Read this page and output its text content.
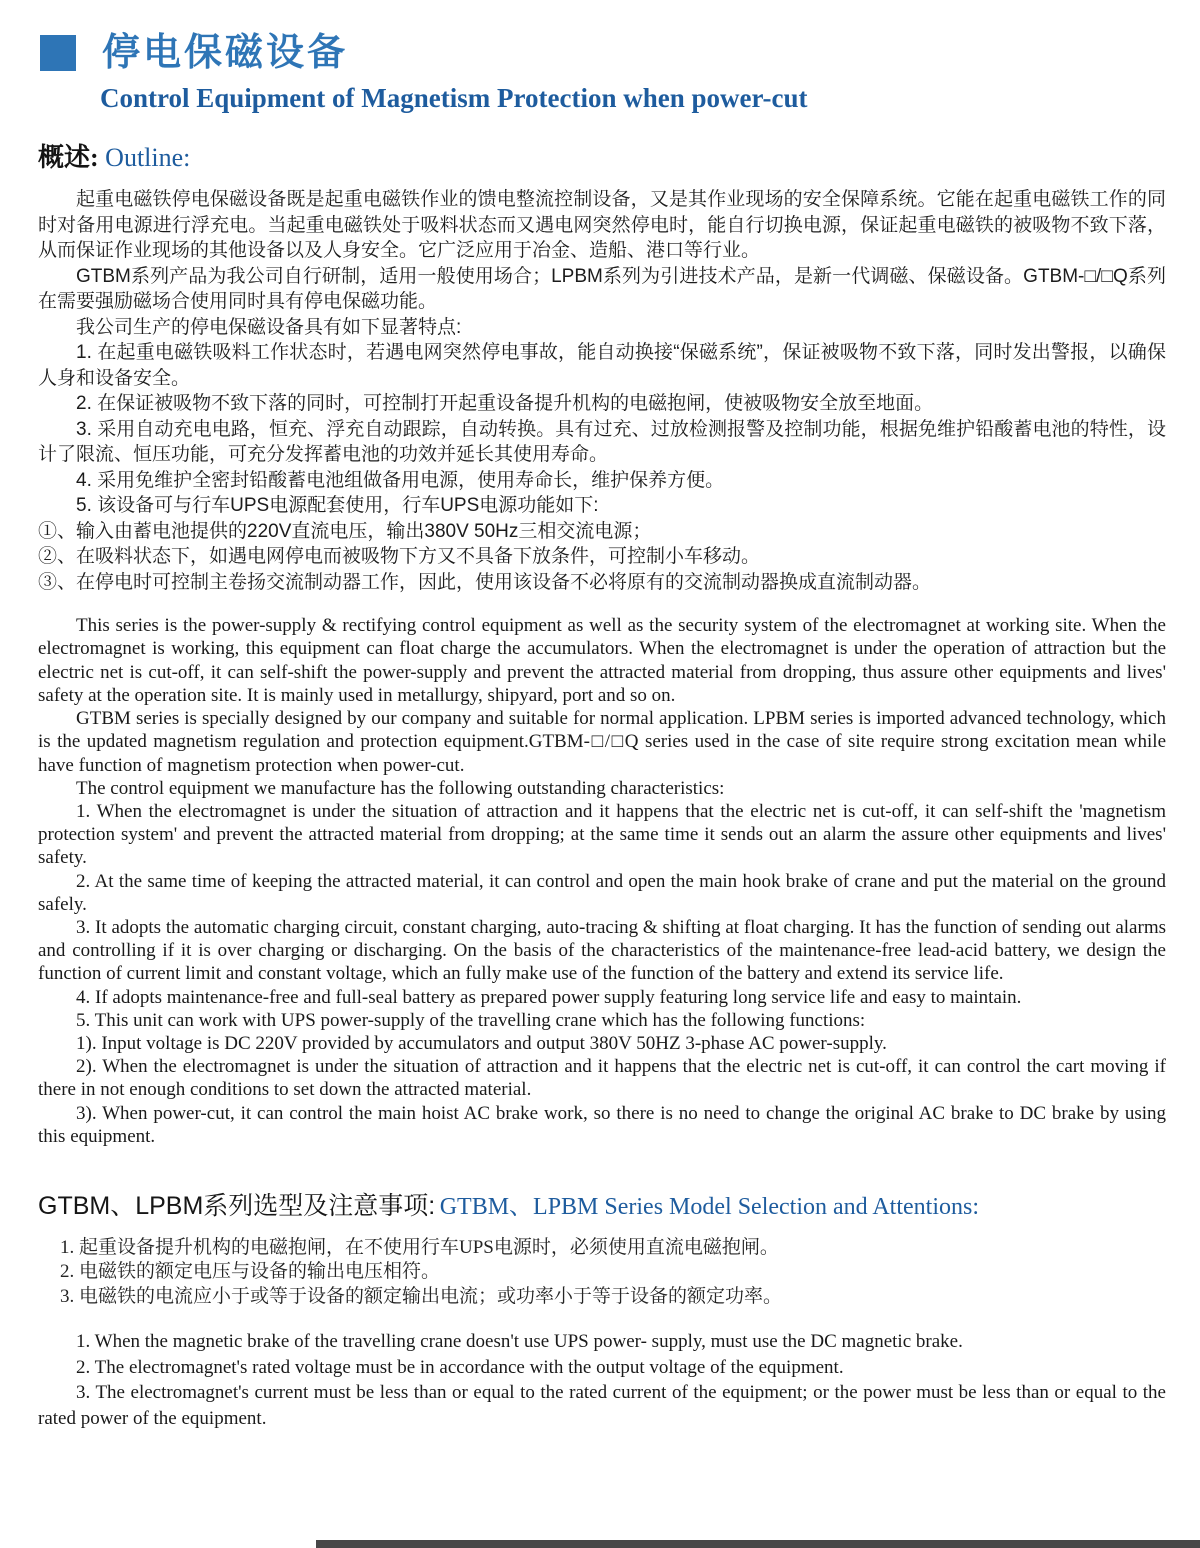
停电保磁设备
Control Equipment of Magnetism Protection when power-cut
概述: Outline:

起重电磁铁停电保磁设备既是起重电磁铁作业的馈电整流控制设备，又是其作业现场的安全保障系统。它能在起重电磁铁工作的同时对备用电源进行浮充电。当起重电磁铁处于吸料状态而又遇电网突然停电时，能自行切换电源，保证起重电磁铁的被吸物不致下落，从而保证作业现场的其他设备以及人身安全。它广泛应用于冶金、造船、港口等行业。

GTBM系列产品为我公司自行研制，适用一般使用场合；LPBM系列为引进技术产品，是新一代调磁、保磁设备。GTBM-□/□Q系列在需要强励磁场合使用同时具有停电保磁功能。

我公司生产的停电保磁设备具有如下显著特点:

1. 在起重电磁铁吸料工作状态时，若遇电网突然停电事故，能自动换接“保磁系统”，保证被吸物不致下落，同时发出警报，以确保人身和设备安全。

2. 在保证被吸物不致下落的同时，可控制打开起重设备提升机构的电磁抱闸，使被吸物安全放至地面。

3. 采用自动充电电路，恒充、浮充自动跟踪，自动转换。具有过充、过放检测报警及控制功能，根据免维护铅酸蓄电池的特性，设计了限流、恒压功能，可充分发挥蓄电池的功效并延长其使用寿命。

4. 采用免维护全密封铅酸蓄电池组做备用电源，使用寿命长，维护保养方便。

5. 该设备可与行车UPS电源配套使用，行车UPS电源功能如下:

①、输入由蓄电池提供的220V直流电压，输出380V 50Hz三相交流电源；

②、在吸料状态下，如遇电网停电而被吸物下方又不具备下放条件，可控制小车移动。

③、在停电时可控制主卷扬交流制动器工作，因此，使用该设备不必将原有的交流制动器换成直流制动器。

This series is the power-supply & rectifying control equipment as well as the security system of the electromagnet at working site. When the electromagnet is working, this equipment can float charge the accumulators. When the electromagnet is under the operation of attraction but the electric net is cut-off, it can self-shift the power-supply and prevent the attracted material from dropping, thus assure other equipments and lives' safety at the operation site. It is mainly used in metallurgy, shipyard, port and so on.

GTBM series is specially designed by our company and suitable for normal application. LPBM series is imported advanced technology, which is the updated magnetism regulation and protection equipment.GTBM-□/□Q series used in the case of site require strong excitation mean while have function of magnetism protection when power-cut.

The control equipment we manufacture has the following outstanding characteristics:

1. When the electromagnet is under the situation of attraction and it happens that the electric net is cut-off, it can self-shift the 'magnetism protection system' and prevent the attracted material from dropping; at the same time it sends out an alarm the assure other equipments and lives' safety.

2. At the same time of keeping the attracted material, it can control and open the main hook brake of crane and put the material on the ground safely.

3. It adopts the automatic charging circuit, constant charging, auto-tracing & shifting at float charging. It has the function of sending out alarms and controlling if it is over charging or discharging. On the basis of the characteristics of the maintenance-free lead-acid battery, we design the function of current limit and constant voltage, which an fully make use of the function of the battery and extend its service life.

4. If adopts maintenance-free and full-seal battery as prepared power supply featuring long service life and easy to maintain.

5. This unit can work with UPS power-supply of the travelling crane which has the following functions:

1). Input voltage is DC 220V provided by accumulators and output 380V 50HZ 3-phase AC power-supply.

2). When the electromagnet is under the situation of attraction and it happens that the electric net is cut-off, it can control the cart moving if there in not enough conditions to set down the attracted material.

3). When power-cut, it can control the main hoist AC brake work, so there is no need to change the original AC brake to DC brake by using this equipment.

GTBM、LPBM系列选型及注意事项: GTBM、LPBM Series Model Selection and Attentions:

1. 起重设备提升机构的电磁抱闸，在不使用行车UPS电源时，必须使用直流电磁抱闸。

2. 电磁铁的额定电压与设备的输出电压相符。

3. 电磁铁的电流应小于或等于设备的额定输出电流；或功率小于等于设备的额定功率。

1. When the magnetic brake of the travelling crane doesn't use UPS power- supply, must use the DC magnetic brake.

2. The electromagnet's rated voltage must be in accordance with the output voltage of the equipment.

3. The electromagnet's current must be less than or equal to the rated current of the equipment; or the power must be less than or equal to the rated power of the equipment.
